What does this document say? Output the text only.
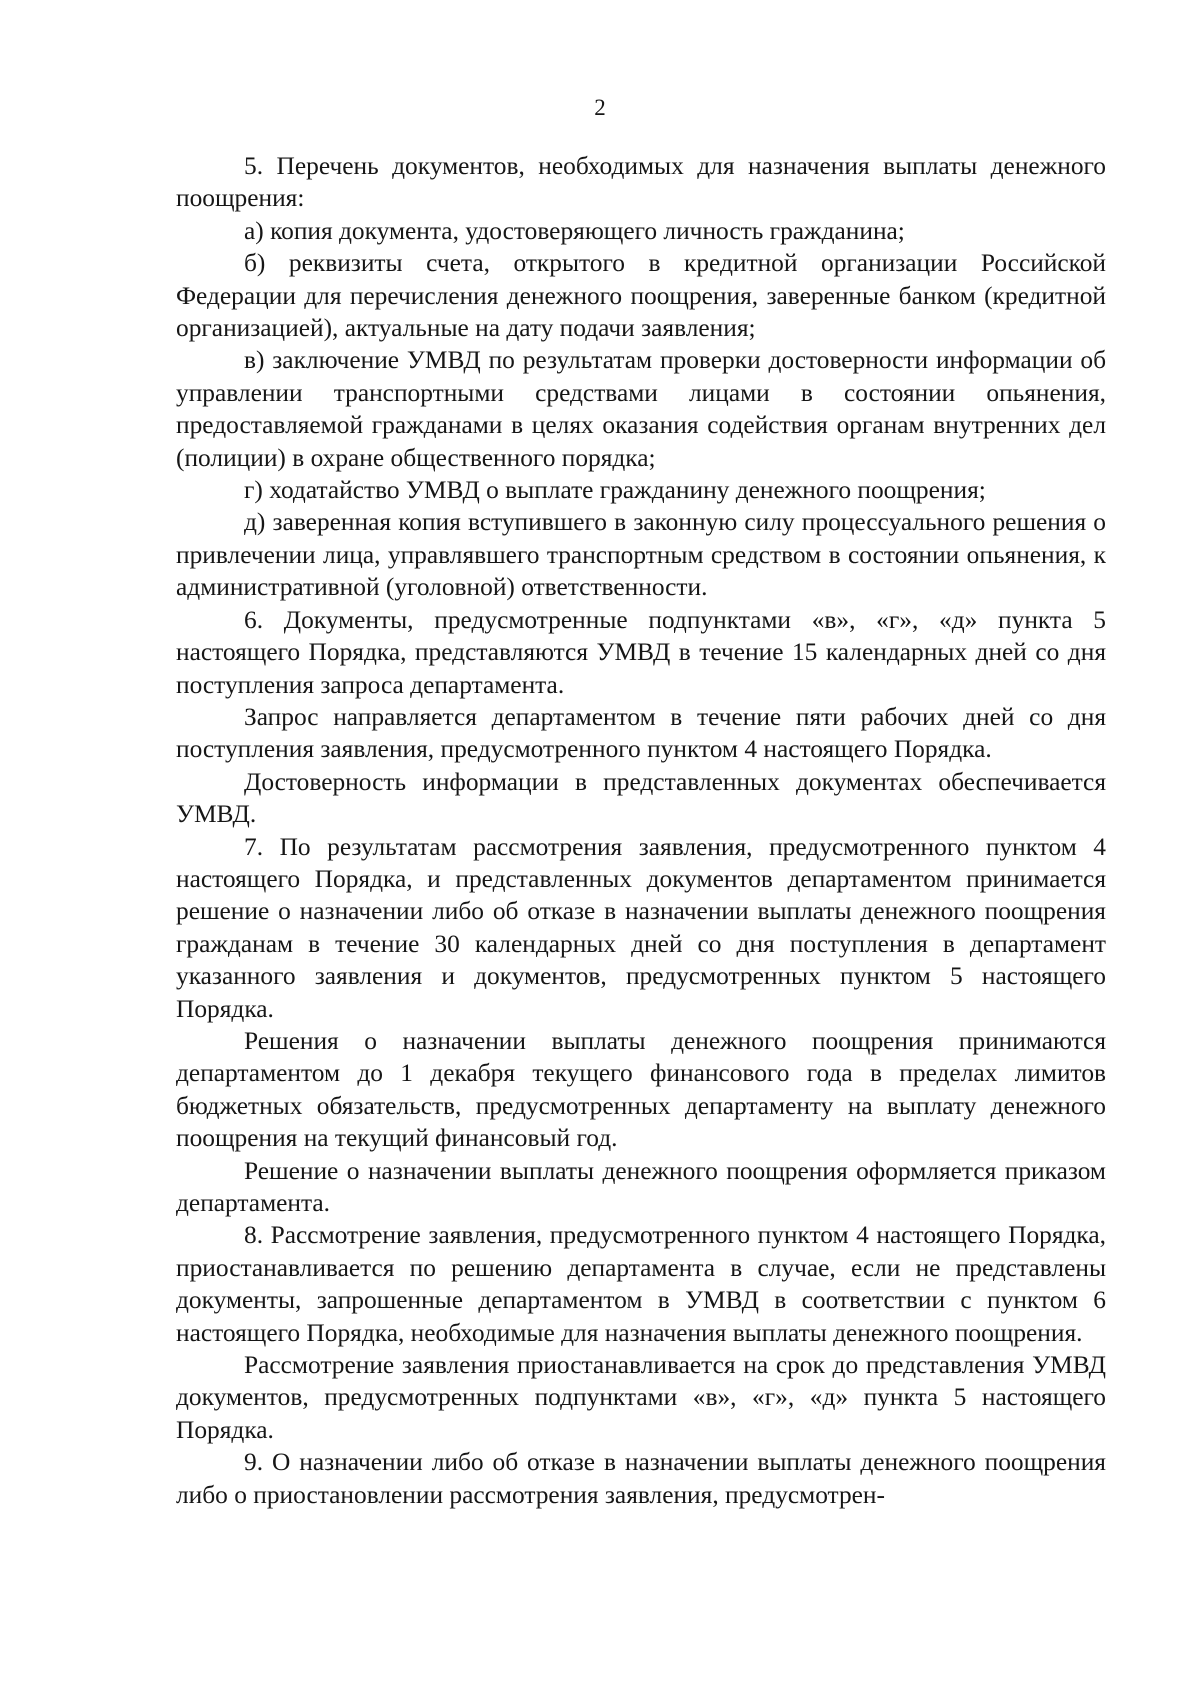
2

5. Перечень документов, необходимых для назначения выплаты денежного поощрения:

а) копия документа, удостоверяющего личность гражданина;

б) реквизиты счета, открытого в кредитной организации Российской Федерации для перечисления денежного поощрения, заверенные банком (кредитной организацией), актуальные на дату подачи заявления;

в) заключение УМВД по результатам проверки достоверности информации об управлении транспортными средствами лицами в состоянии опьянения, предоставляемой гражданами в целях оказания содействия органам внутренних дел (полиции) в охране общественного порядка;

г) ходатайство УМВД о выплате гражданину денежного поощрения;

д) заверенная копия вступившего в законную силу процессуального решения о привлечении лица, управлявшего транспортным средством в состоянии опьянения, к административной (уголовной) ответственности.

6. Документы, предусмотренные подпунктами «в», «г», «д» пункта 5 настоящего Порядка, представляются УМВД в течение 15 календарных дней со дня поступления запроса департамента.

Запрос направляется департаментом в течение пяти рабочих дней со дня поступления заявления, предусмотренного пунктом 4 настоящего Порядка.

Достоверность информации в представленных документах обеспечивается УМВД.

7. По результатам рассмотрения заявления, предусмотренного пунктом 4 настоящего Порядка, и представленных документов департаментом принимается решение о назначении либо об отказе в назначении выплаты денежного поощрения гражданам в течение 30 календарных дней со дня поступления в департамент указанного заявления и документов, предусмотренных пунктом 5 настоящего Порядка.

Решения о назначении выплаты денежного поощрения принимаются департаментом до 1 декабря текущего финансового года в пределах лимитов бюджетных обязательств, предусмотренных департаменту на выплату денежного поощрения на текущий финансовый год.

Решение о назначении выплаты денежного поощрения оформляется приказом департамента.

8. Рассмотрение заявления, предусмотренного пунктом 4 настоящего Порядка, приостанавливается по решению департамента в случае, если не представлены документы, запрошенные департаментом в УМВД в соответствии с пунктом 6 настоящего Порядка, необходимые для назначения выплаты денежного поощрения.

Рассмотрение заявления приостанавливается на срок до представления УМВД документов, предусмотренных подпунктами «в», «г», «д» пункта 5 настоящего Порядка.

9. О назначении либо об отказе в назначении выплаты денежного поощрения либо о приостановлении рассмотрения заявления, предусмотрен-
